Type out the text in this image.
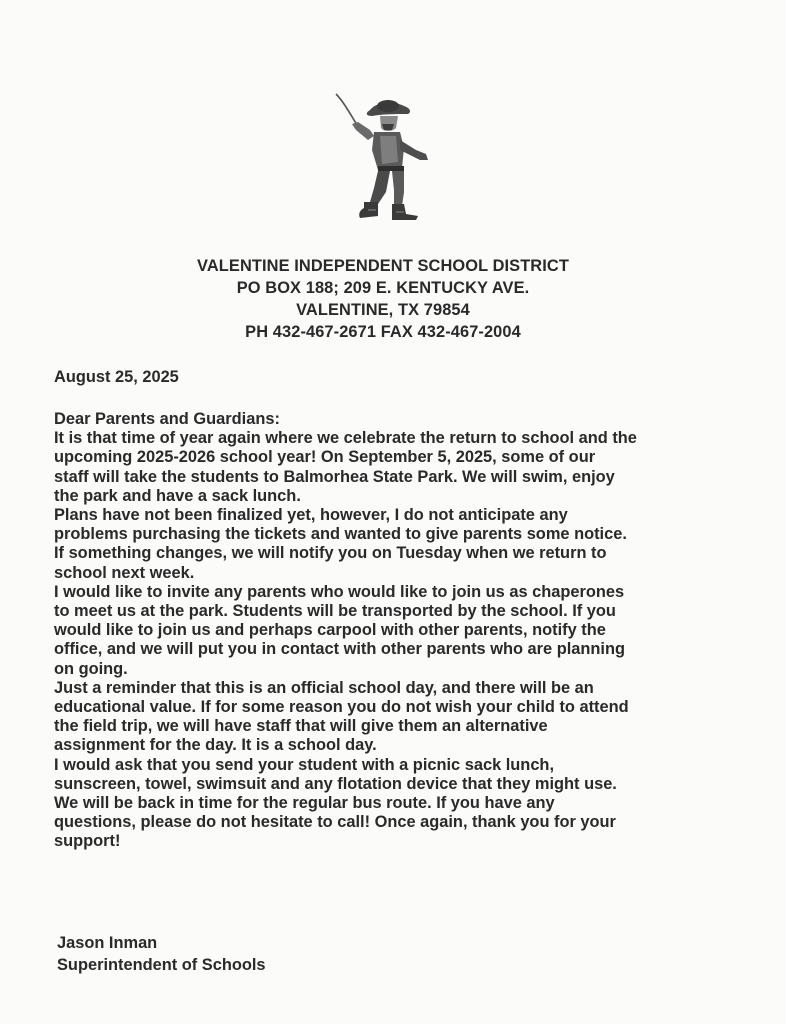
VALENTINE INDEPENDENT SCHOOL DISTRICT
PO BOX 188; 209 E. KENTUCKY AVE.
VALENTINE, TX 79854
PH 432-467-2671 FAX 432-467-2004
August 25, 2025
Dear Parents and Guardians:
It is that time of year again where we celebrate the return to school and the
upcoming 2025-2026 school year! On September 5, 2025, some of our
staff will take the students to Balmorhea State Park. We will swim, enjoy
the park and have a sack lunch.
Plans have not been finalized yet, however, I do not anticipate any
problems purchasing the tickets and wanted to give parents some notice.
If something changes, we will notify you on Tuesday when we return to
school next week.
I would like to invite any parents who would like to join us as chaperones
to meet us at the park. Students will be transported by the school. If you
would like to join us and perhaps carpool with other parents, notify the
office, and we will put you in contact with other parents who are planning
on going.
Just a reminder that this is an official school day, and there will be an
educational value. If for some reason you do not wish your child to attend
the field trip, we will have staff that will give them an alternative
assignment for the day. It is a school day.
I would ask that you send your student with a picnic sack lunch,
sunscreen, towel, swimsuit and any flotation device that they might use.
We will be back in time for the regular bus route. If you have any
questions, please do not hesitate to call! Once again, thank you for your
support!
Jason Inman
Superintendent of Schools
